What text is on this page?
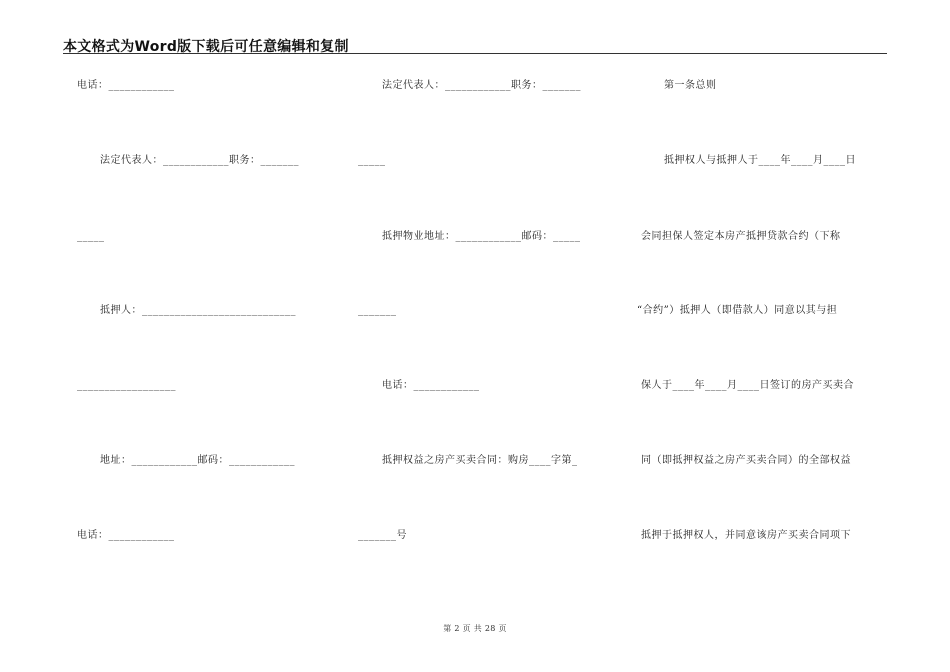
本文格式为Word版下载后可任意编辑和复制
电话：____________
法定代表人：____________职务：_______
_____
抵押人：____________________________
__________________
地址：____________邮码：____________
电话：____________
法定代表人：____________职务：_______
_____
抵押物业地址：____________邮码：_____
_______
电话：____________
抵押权益之房产买卖合同：购房____字第_
_______号
第一条总则
抵押权人与抵押人于____年____月____日
会同担保人签定本房产抵押贷款合约（下称
“合约”）抵押人（即借款人）同意以其与担
保人于____年____月____日签订的房产买卖合
同（即抵押权益之房产买卖合同）的全部权益
抵押于抵押权人，并同意该房产买卖合同项下
第 2 页 共 28 页
